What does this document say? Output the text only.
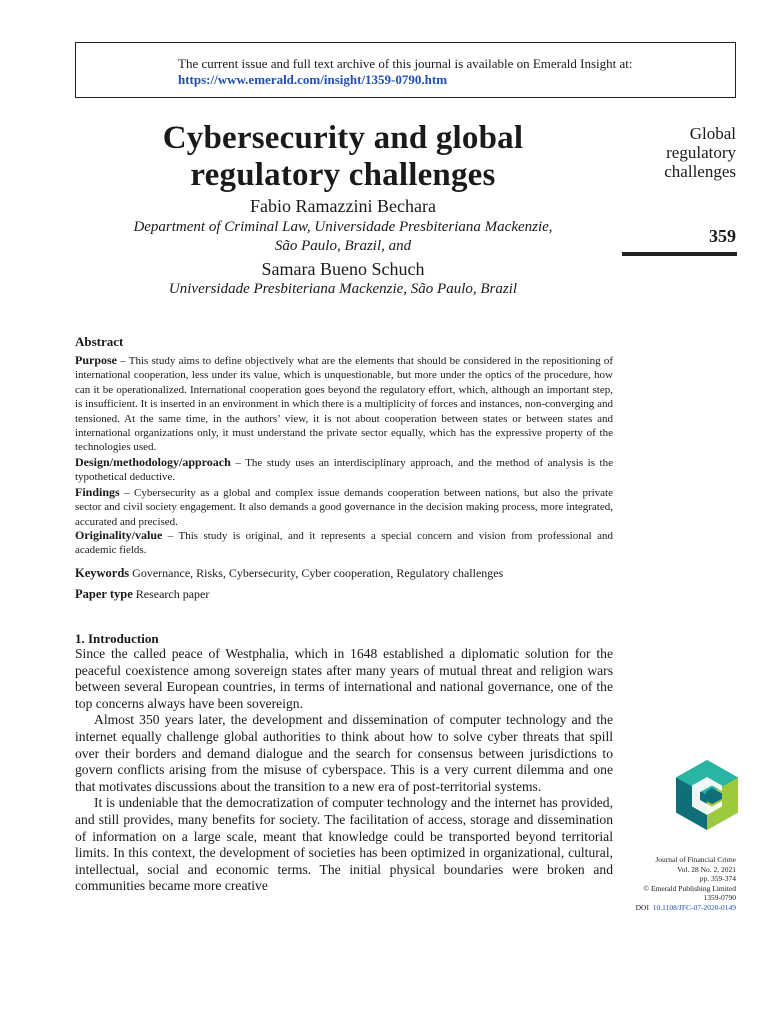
The current issue and full text archive of this journal is available on Emerald Insight at:
https://www.emerald.com/insight/1359-0790.htm
Cybersecurity and global
regulatory challenges
Fabio Ramazzini Bechara
Department of Criminal Law, Universidade Presbiteriana Mackenzie,
São Paulo, Brazil, and
Samara Bueno Schuch
Universidade Presbiteriana Mackenzie, São Paulo, Brazil
Global
regulatory
challenges
359
Abstract
Purpose – This study aims to define objectively what are the elements that should be considered in the repositioning of international cooperation, less under its value, which is unquestionable, but more under the optics of the procedure, how can it be operationalized. International cooperation goes beyond the regulatory effort, which, although an important step, is insufficient. It is inserted in an environment in which there is a multiplicity of forces and instances, non-converging and tensioned. At the same time, in the authors’ view, it is not about cooperation between states or between states and international organizations only, it must understand the private sector equally, which has the expressive property of the technologies used.
Design/methodology/approach – The study uses an interdisciplinary approach, and the method of analysis is the typothetical deductive.
Findings – Cybersecurity as a global and complex issue demands cooperation between nations, but also the private sector and civil society engagement. It also demands a good governance in the decision making process, more integrated, accurated and precised.
Originality/value – This study is original, and it represents a special concern and vision from professional and academic fields.
Keywords Governance, Risks, Cybersecurity, Cyber cooperation, Regulatory challenges
Paper type Research paper
1. Introduction

Since the called peace of Westphalia, which in 1648 established a diplomatic solution for the peaceful coexistence among sovereign states after many years of mutual threat and religion wars between several European countries, in terms of international and national governance, one of the top concerns always have been sovereign.

Almost 350 years later, the development and dissemination of computer technology and the internet equally challenge global authorities to think about how to solve cyber threats that spill over their borders and demand dialogue and the search for consensus between jurisdictions to govern conflicts arising from the misuse of cyberspace. This is a very current dilemma and one that motivates discussions about the transition to a new era of post-territorial systems.

It is undeniable that the democratization of computer technology and the internet has provided, and still provides, many benefits for society. The facilitation of access, storage and dissemination of information on a large scale, meant that knowledge could be transported beyond territorial limits. In this context, the development of societies has been optimized in organizational, cultural, intellectual, social and economic terms. The initial physical boundaries were broken and communities became more creative

Journal of Financial Crime
Vol. 28 No. 2, 2021
pp. 359-374
© Emerald Publishing Limited
1359-0790
DOI 10.1108/JFC-07-2020-0149
